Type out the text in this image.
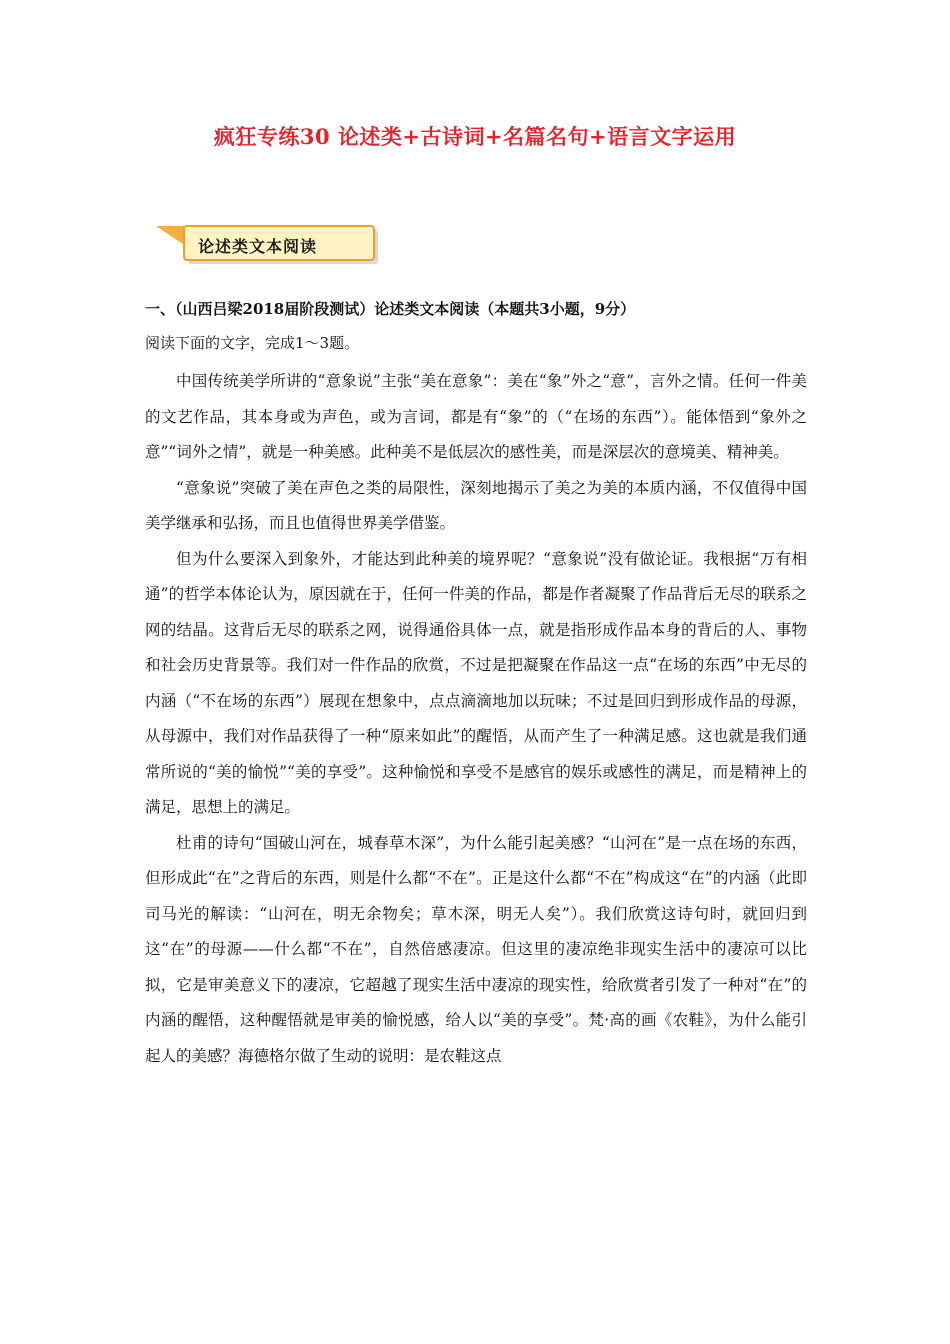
疯狂专练30 论述类+古诗词+名篇名句+语言文字运用
论述类文本阅读
一、（山西吕梁2018届阶段测试）论述类文本阅读（本题共3小题，9分）
阅读下面的文字，完成1～3题。

中国传统美学所讲的“意象说”主张“美在意象”：美在“象”外之“意”，言外之情。任何一件美的文艺作品，其本身或为声色，或为言词，都是有“象”的（“在场的东西”）。能体悟到“象外之意”“词外之情”，就是一种美感。此种美不是低层次的感性美，而是深层次的意境美、精神美。

“意象说”突破了美在声色之类的局限性，深刻地揭示了美之为美的本质内涵，不仅值得中国美学继承和弘扬，而且也值得世界美学借鉴。

但为什么要深入到象外，才能达到此种美的境界呢？“意象说”没有做论证。我根据“万有相通”的哲学本体论认为，原因就在于，任何一件美的作品，都是作者凝聚了作品背后无尽的联系之网的结晶。这背后无尽的联系之网，说得通俗具体一点，就是指形成作品本身的背后的人、事物和社会历史背景等。我们对一件作品的欣赏，不过是把凝聚在作品这一点“在场的东西”中无尽的内涵（“不在场的东西”）展现在想象中，点点滴滴地加以玩味；不过是回归到形成作品的母源，从母源中，我们对作品获得了一种“原来如此”的醒悟，从而产生了一种满足感。这也就是我们通常所说的“美的愉悦”“美的享受”。这种愉悦和享受不是感官的娱乐或感性的满足，而是精神上的满足，思想上的满足。

杜甫的诗句“国破山河在，城春草木深”，为什么能引起美感？“山河在”是一点在场的东西，但形成此“在”之背后的东西，则是什么都“不在”。正是这什么都“不在”构成这“在”的内涵（此即司马光的解读：“山河在，明无余物矣；草木深，明无人矣”）。我们欣赏这诗句时，就回归到这“在”的母源——什么都“不在”，自然倍感凄凉。但这里的凄凉绝非现实生活中的凄凉可以比拟，它是审美意义下的凄凉，它超越了现实生活中凄凉的现实性，给欣赏者引发了一种对“在”的内涵的醒悟，这种醒悟就是审美的愉悦感，给人以“美的享受”。梵·高的画《农鞋》，为什么能引起人的美感？海德格尔做了生动的说明：是农鞋这点
